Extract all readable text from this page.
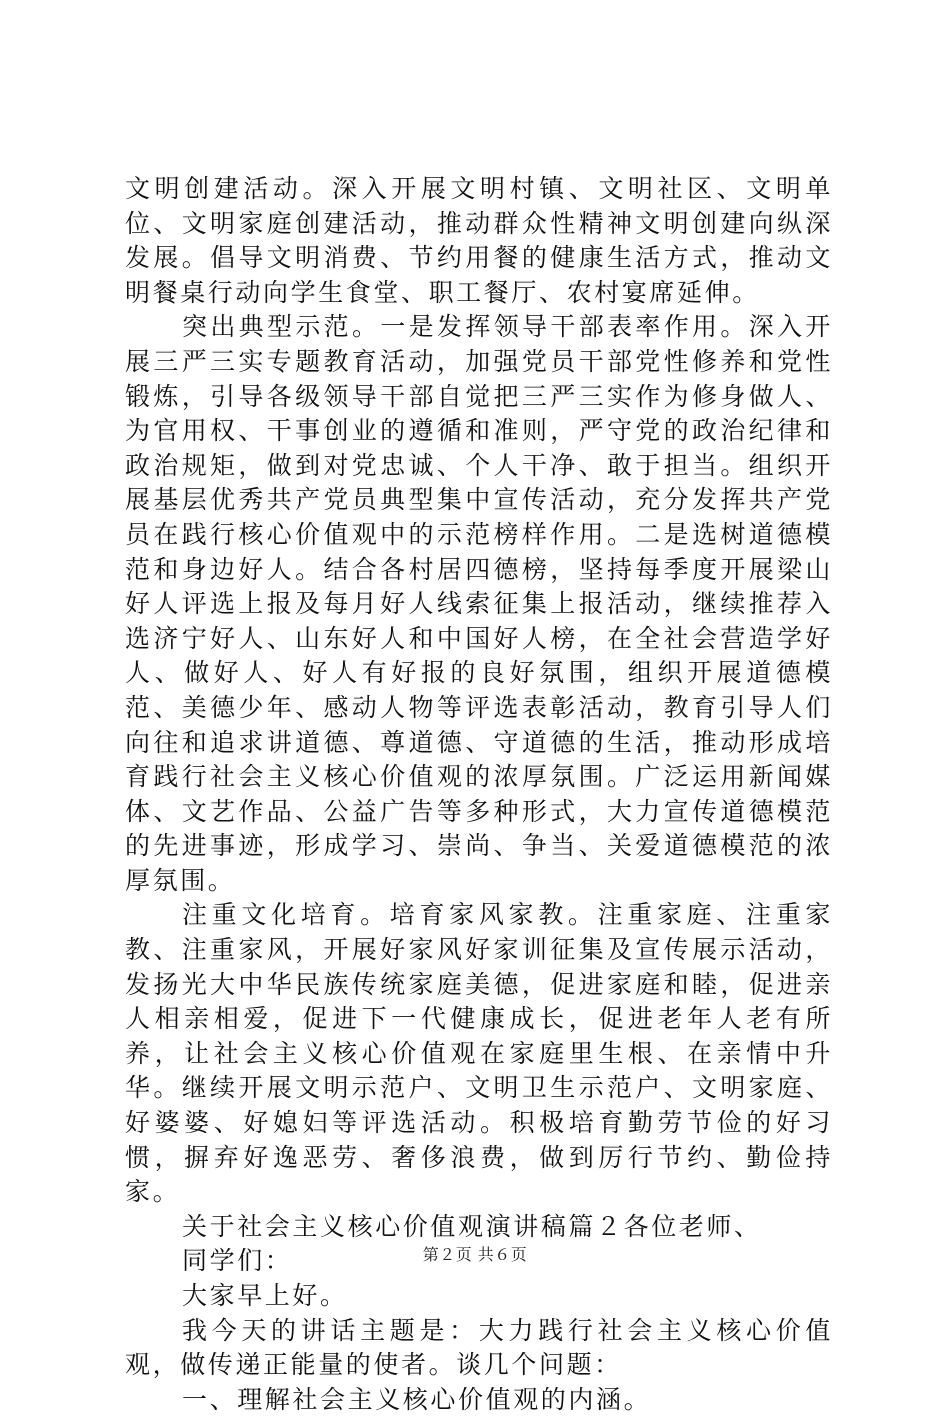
文明创建活动。深入开展文明村镇、文明社区、文明单位、文明家庭创建活动，推动群众性精神文明创建向纵深发展。倡导文明消费、节约用餐的健康生活方式，推动文明餐桌行动向学生食堂、职工餐厅、农村宴席延伸。

突出典型示范。一是发挥领导干部表率作用。深入开展三严三实专题教育活动，加强党员干部党性修养和党性锻炼，引导各级领导干部自觉把三严三实作为修身做人、为官用权、干事创业的遵循和准则，严守党的政治纪律和政治规矩，做到对党忠诚、个人干净、敢于担当。组织开展基层优秀共产党员典型集中宣传活动，充分发挥共产党员在践行核心价值观中的示范榜样作用。二是选树道德模范和身边好人。结合各村居四德榜，坚持每季度开展梁山好人评选上报及每月好人线索征集上报活动，继续推荐入选济宁好人、山东好人和中国好人榜，在全社会营造学好人、做好人、好人有好报的良好氛围，组织开展道德模范、美德少年、感动人物等评选表彰活动，教育引导人们向往和追求讲道德、尊道德、守道德的生活，推动形成培育践行社会主义核心价值观的浓厚氛围。广泛运用新闻媒体、文艺作品、公益广告等多种形式，大力宣传道德模范的先进事迹，形成学习、崇尚、争当、关爱道德模范的浓厚氛围。

注重文化培育。培育家风家教。注重家庭、注重家教、注重家风，开展好家风好家训征集及宣传展示活动，发扬光大中华民族传统家庭美德，促进家庭和睦，促进亲人相亲相爱，促进下一代健康成长，促进老年人老有所养，让社会主义核心价值观在家庭里生根、在亲情中升华。继续开展文明示范户、文明卫生示范户、文明家庭、好婆婆、好媳妇等评选活动。积极培育勤劳节俭的好习惯，摒弃好逸恶劳、奢侈浪费，做到厉行节约、勤俭持家。

关于社会主义核心价值观演讲稿篇２各位老师、

同学们：

大家早上好。

我今天的讲话主题是：大力践行社会主义核心价值观，做传递正能量的使者。谈几个问题：

一、理解社会主义核心价值观的内涵。

第２页 共６页
